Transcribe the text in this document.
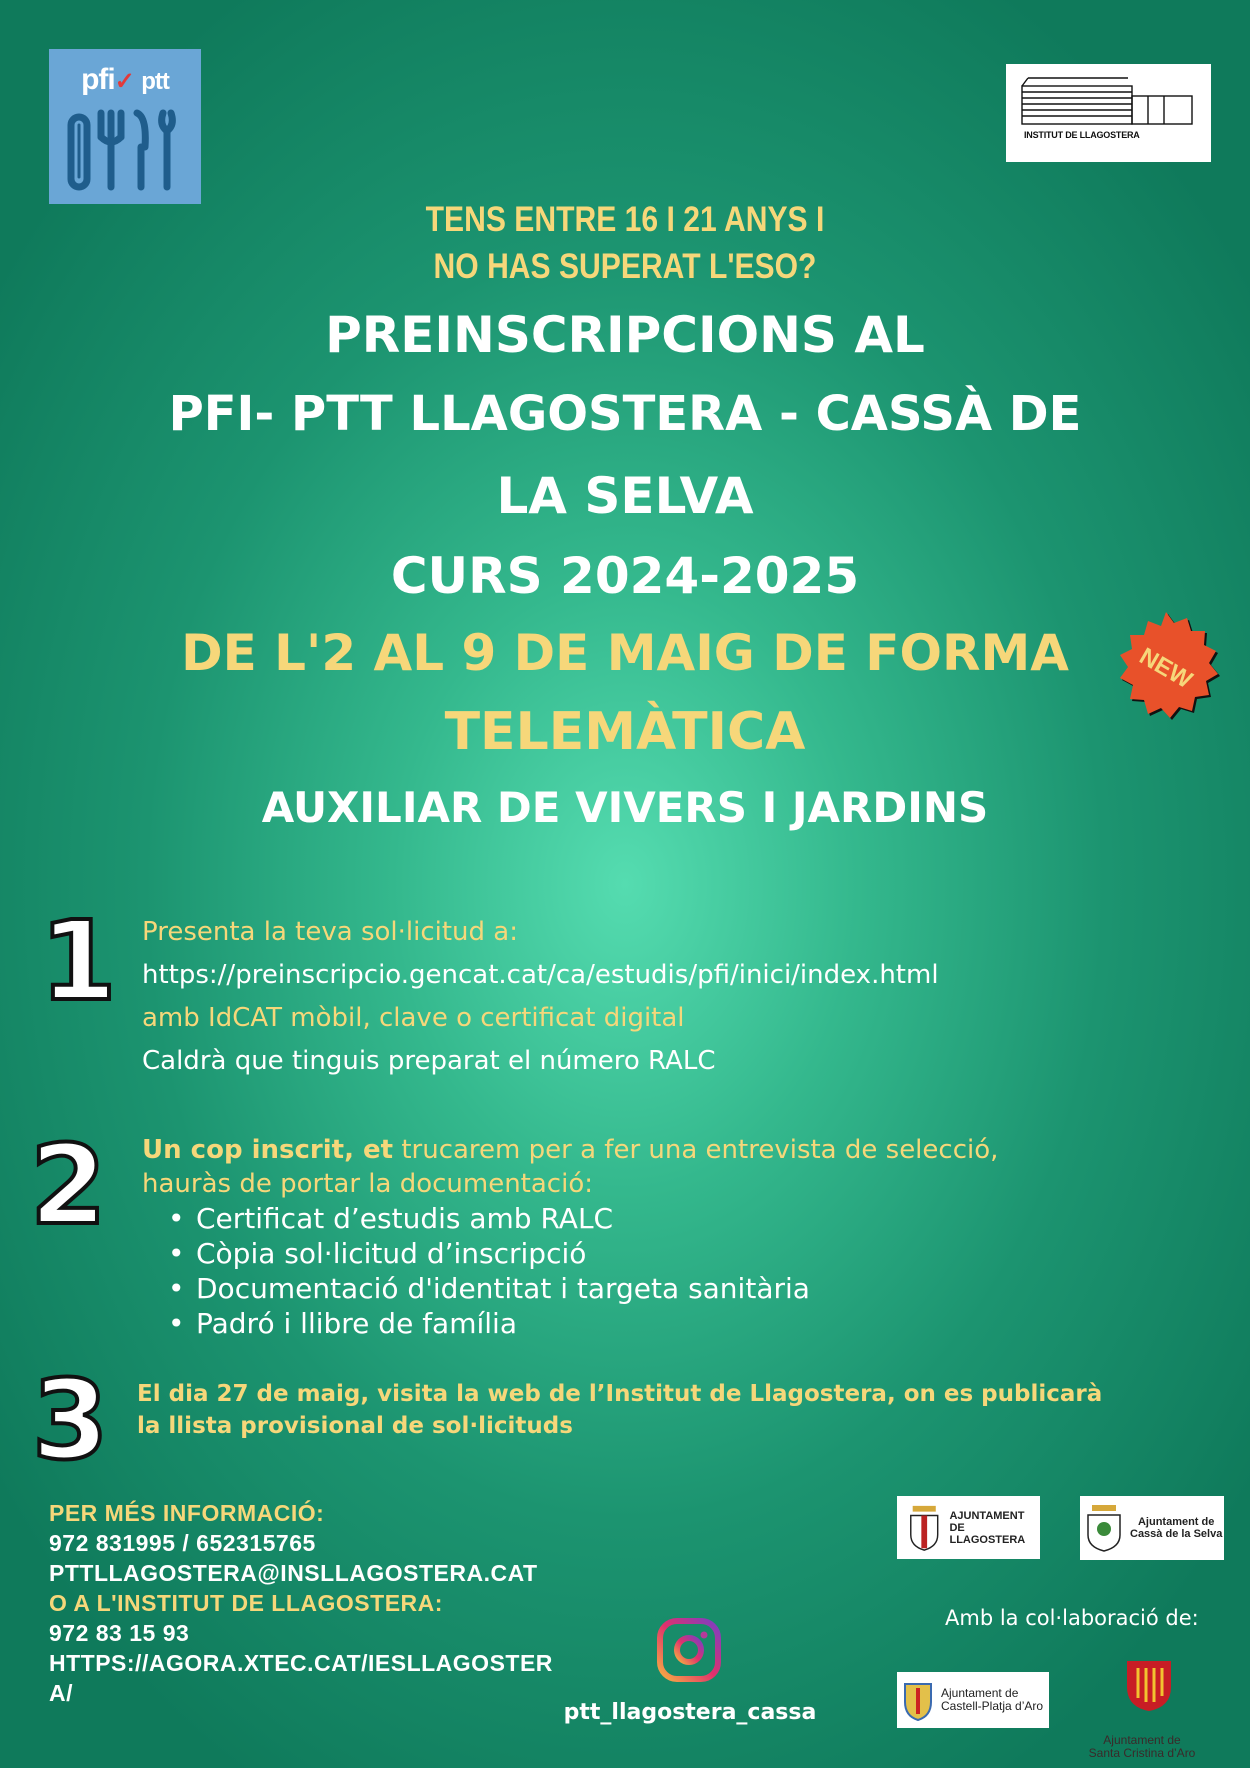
pfi✓ ptt
INSTITUT DE LLAGOSTERA
TENS ENTRE 16 I 21 ANYS I
NO HAS SUPERAT L'ESO?
PREINSCRIPCIONS AL
PFI- PTT LLAGOSTERA - CASSÀ DE
LA SELVA
CURS 2024-2025
DE L'2 AL 9 DE MAIG DE FORMA
TELEMÀTICA
NEW
AUXILIAR DE VIVERS I JARDINS
1 Presenta la teva sol·licitud a:
https://preinscripcio.gencat.cat/ca/estudis/pfi/inici/index.html
amb IdCAT mòbil, clave o certificat digital
Caldrà que tinguis preparat el número RALC
2 Un cop inscrit, et trucarem per a fer una entrevista de selecció,
hauràs de portar la documentació:
• Certificat d’estudis amb RALC
• Còpia sol·licitud d’inscripció
• Documentació d'identitat i targeta sanitària
• Padró i llibre de família
3 El dia 27 de maig, visita la web de l’Institut de Llagostera, on es publicarà
la llista provisional de sol·licituds
PER MÉS INFORMACIÓ:
972 831995 / 652315765
PTTLLAGOSTERA@INSLLAGOSTERA.CAT
O A L'INSTITUT DE LLAGOSTERA:
972 83 15 93
HTTPS://AGORA.XTEC.CAT/IESLLAGOSTER
A/
ptt_llagostera_cassa
AJUNTAMENT
DE LLAGOSTERA
Ajuntament de
Cassà de la Selva
Amb la col·laboració de:
Ajuntament de
Castell-Platja d’Aro
Ajuntament de
Santa Cristina d’Aro
